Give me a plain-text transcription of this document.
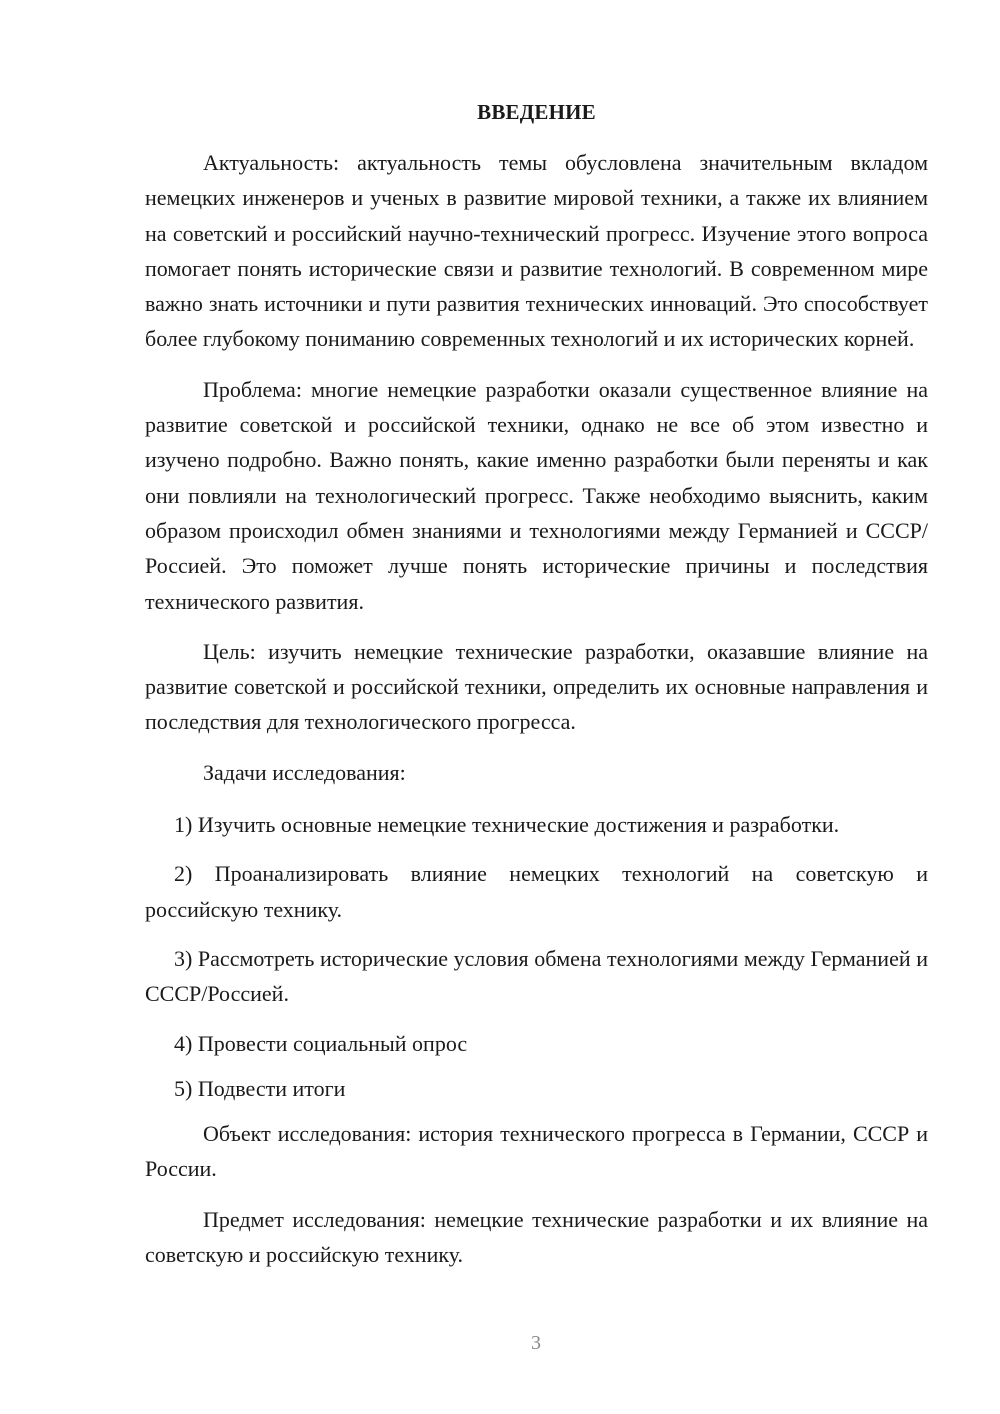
ВВЕДЕНИЕ

Актуальность: актуальность темы обусловлена значительным вкладом немецких инженеров и ученых в развитие мировой техники, а также их влиянием на советский и российский научно-технический прогресс. Изучение этого вопроса помогает понять исторические связи и развитие технологий. В современном мире важно знать источники и пути развития технических инноваций. Это способствует более глубокому пониманию современных технологий и их исторических корней.

Проблема: многие немецкие разработки оказали существенное влияние на развитие советской и российской техники, однако не все об этом известно и изучено подробно. Важно понять, какие именно разработки были переняты и как они повлияли на технологический прогресс. Также необходимо выяснить, каким образом происходил обмен знаниями и технологиями между Германией и СССР/Россией. Это поможет лучше понять исторические причины и последствия технического развития.

Цель: изучить немецкие технические разработки, оказавшие влияние на развитие советской и российской техники, определить их основные направления и последствия для технологического прогресса.

Задачи исследования:

1) Изучить основные немецкие технические достижения и разработки.

2) Проанализировать влияние немецких технологий на советскую и российскую технику.

3) Рассмотреть исторические условия обмена технологиями между Германией и СССР/Россией.

4) Провести социальный опрос

5) Подвести итоги

Объект исследования: история технического прогресса в Германии, СССР и России.

Предмет исследования: немецкие технические разработки и их влияние на советскую и российскую технику.

3
